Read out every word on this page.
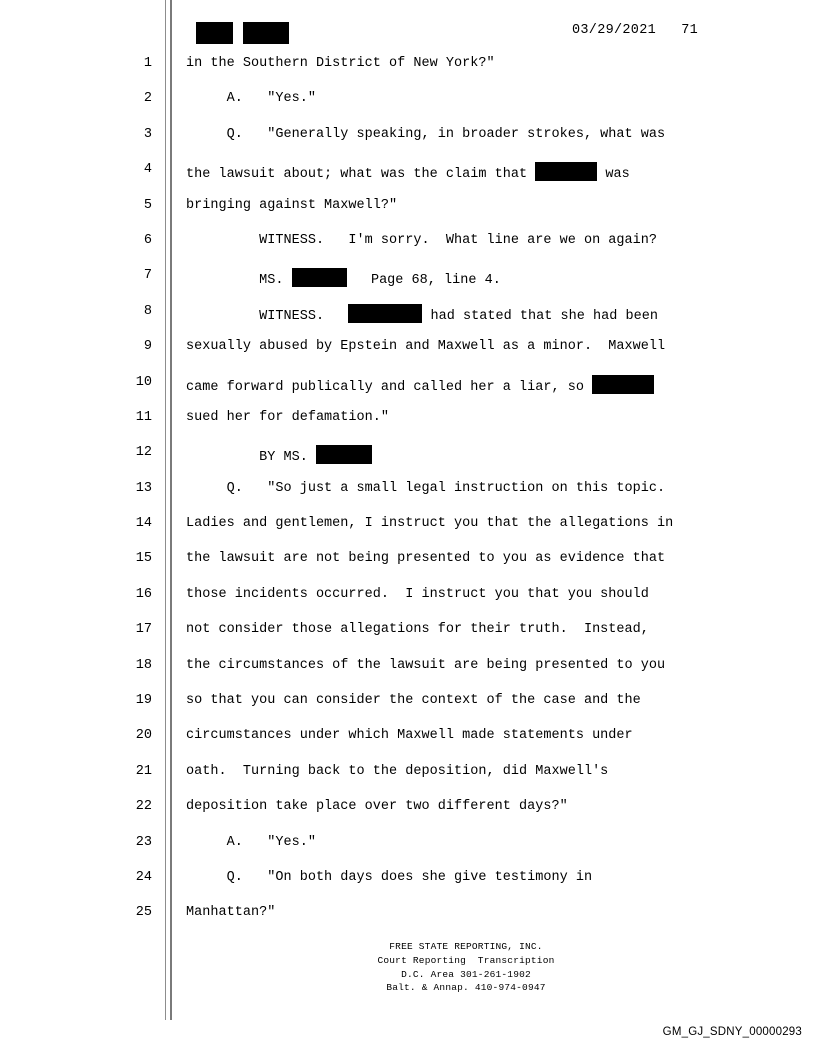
03/29/2021   71
1	in the Southern District of New York?"
2	A.   "Yes."
3	Q.   "Generally speaking, in broader strokes, what was
4	the lawsuit about; what was the claim that	was
5	bringing against Maxwell?"
6	WITNESS.   I'm sorry.  What line are we on again?
7	MS.	Page 68, line 4.
8	WITNESS.	had stated that she had been
9	sexually abused by Epstein and Maxwell as a minor.  Maxwell
10	came forward publically and called her a liar, so
11	sued her for defamation."
12	BY MS.
13	Q.   "So just a small legal instruction on this topic.
14	Ladies and gentlemen, I instruct you that the allegations in
15	the lawsuit are not being presented to you as evidence that
16	those incidents occurred.  I instruct you that you should
17	not consider those allegations for their truth.  Instead,
18	the circumstances of the lawsuit are being presented to you
19	so that you can consider the context of the case and the
20	circumstances under which Maxwell made statements under
21	oath.  Turning back to the deposition, did Maxwell's
22	deposition take place over two different days?"
23	A.   "Yes."
24	Q.   "On both days does she give testimony in
25	Manhattan?"
FREE STATE REPORTING, INC.
Court Reporting  Transcription
D.C. Area 301-261-1902
Balt. & Annap. 410-974-0947
GM_GJ_SDNY_00000293
